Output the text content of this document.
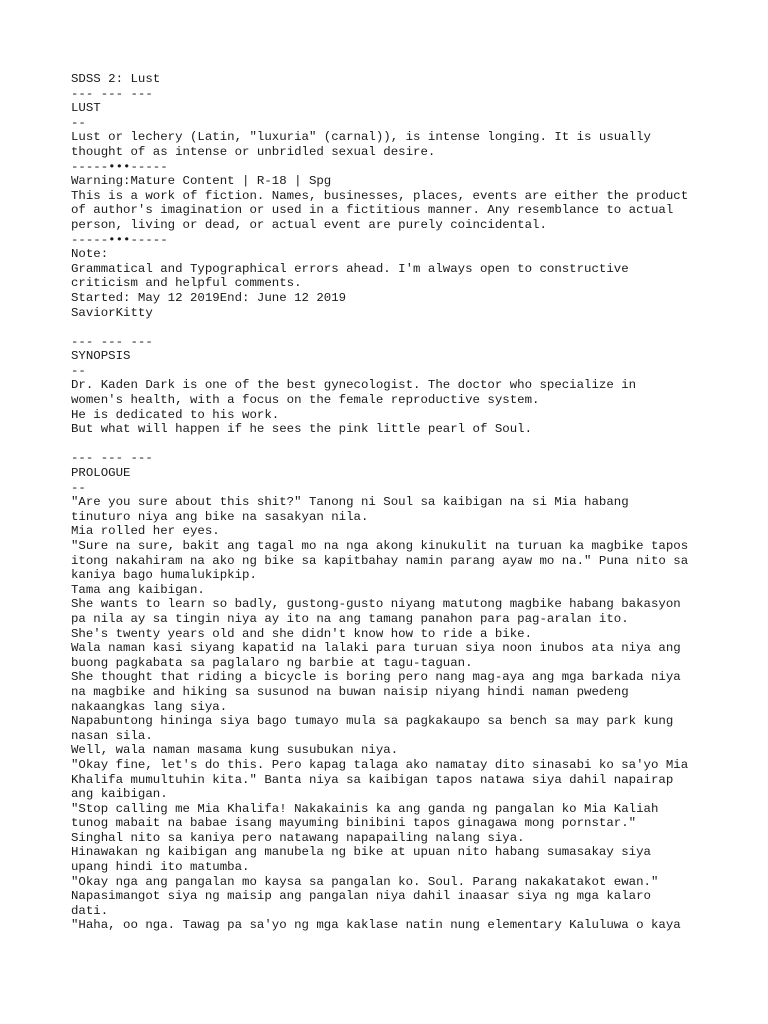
SDSS 2: Lust
--- --- ---
LUST
--
Lust or lechery (Latin, "luxuria" (carnal)), is intense longing. It is usually
thought of as intense or unbridled sexual desire.
-----•••-----
Warning:Mature Content | R-18 | Spg
This is a work of fiction. Names, businesses, places, events are either the product
of author's imagination or used in a fictitious manner. Any resemblance to actual
person, living or dead, or actual event are purely coincidental.
-----•••-----
Note:
Grammatical and Typographical errors ahead. I'm always open to constructive
criticism and helpful comments.
Started: May 12 2019End: June 12 2019
SaviorKitty
--- --- ---
SYNOPSIS
--
Dr. Kaden Dark is one of the best gynecologist. The doctor who specialize in
women's health, with a focus on the female reproductive system.
He is dedicated to his work.
But what will happen if he sees the pink little pearl of Soul.
--- --- ---
PROLOGUE
--
"Are you sure about this shit?" Tanong ni Soul sa kaibigan na si Mia habang
tinuturo niya ang bike na sasakyan nila.
Mia rolled her eyes.
"Sure na sure, bakit ang tagal mo na nga akong kinukulit na turuan ka magbike tapos
itong nakahiram na ako ng bike sa kapitbahay namin parang ayaw mo na." Puna nito sa
kaniya bago humalukipkip.
Tama ang kaibigan.
She wants to learn so badly, gustong-gusto niyang matutong magbike habang bakasyon
pa nila ay sa tingin niya ay ito na ang tamang panahon para pag-aralan ito.
She's twenty years old and she didn't know how to ride a bike.
Wala naman kasi siyang kapatid na lalaki para turuan siya noon inubos ata niya ang
buong pagkabata sa paglalaro ng barbie at tagu-taguan.
She thought that riding a bicycle is boring pero nang mag-aya ang mga barkada niya
na magbike and hiking sa susunod na buwan naisip niyang hindi naman pwedeng
nakaangkas lang siya.
Napabuntong hininga siya bago tumayo mula sa pagkakaupo sa bench sa may park kung
nasan sila.
Well, wala naman masama kung susubukan niya.
"Okay fine, let's do this. Pero kapag talaga ako namatay dito sinasabi ko sa'yo Mia
Khalifa mumultuhin kita." Banta niya sa kaibigan tapos natawa siya dahil napairap
ang kaibigan.
"Stop calling me Mia Khalifa! Nakakainis ka ang ganda ng pangalan ko Mia Kaliah
tunog mabait na babae isang mayuming binibini tapos ginagawa mong pornstar."
Singhal nito sa kaniya pero natawang napapailing nalang siya.
Hinawakan ng kaibigan ang manubela ng bike at upuan nito habang sumasakay siya
upang hindi ito matumba.
"Okay nga ang pangalan mo kaysa sa pangalan ko. Soul. Parang nakakatakot ewan."
Napasimangot siya ng maisip ang pangalan niya dahil inaasar siya ng mga kalaro
dati.
"Haha, oo nga. Tawag pa sa'yo ng mga kaklase natin nung elementary Kaluluwa o kaya
